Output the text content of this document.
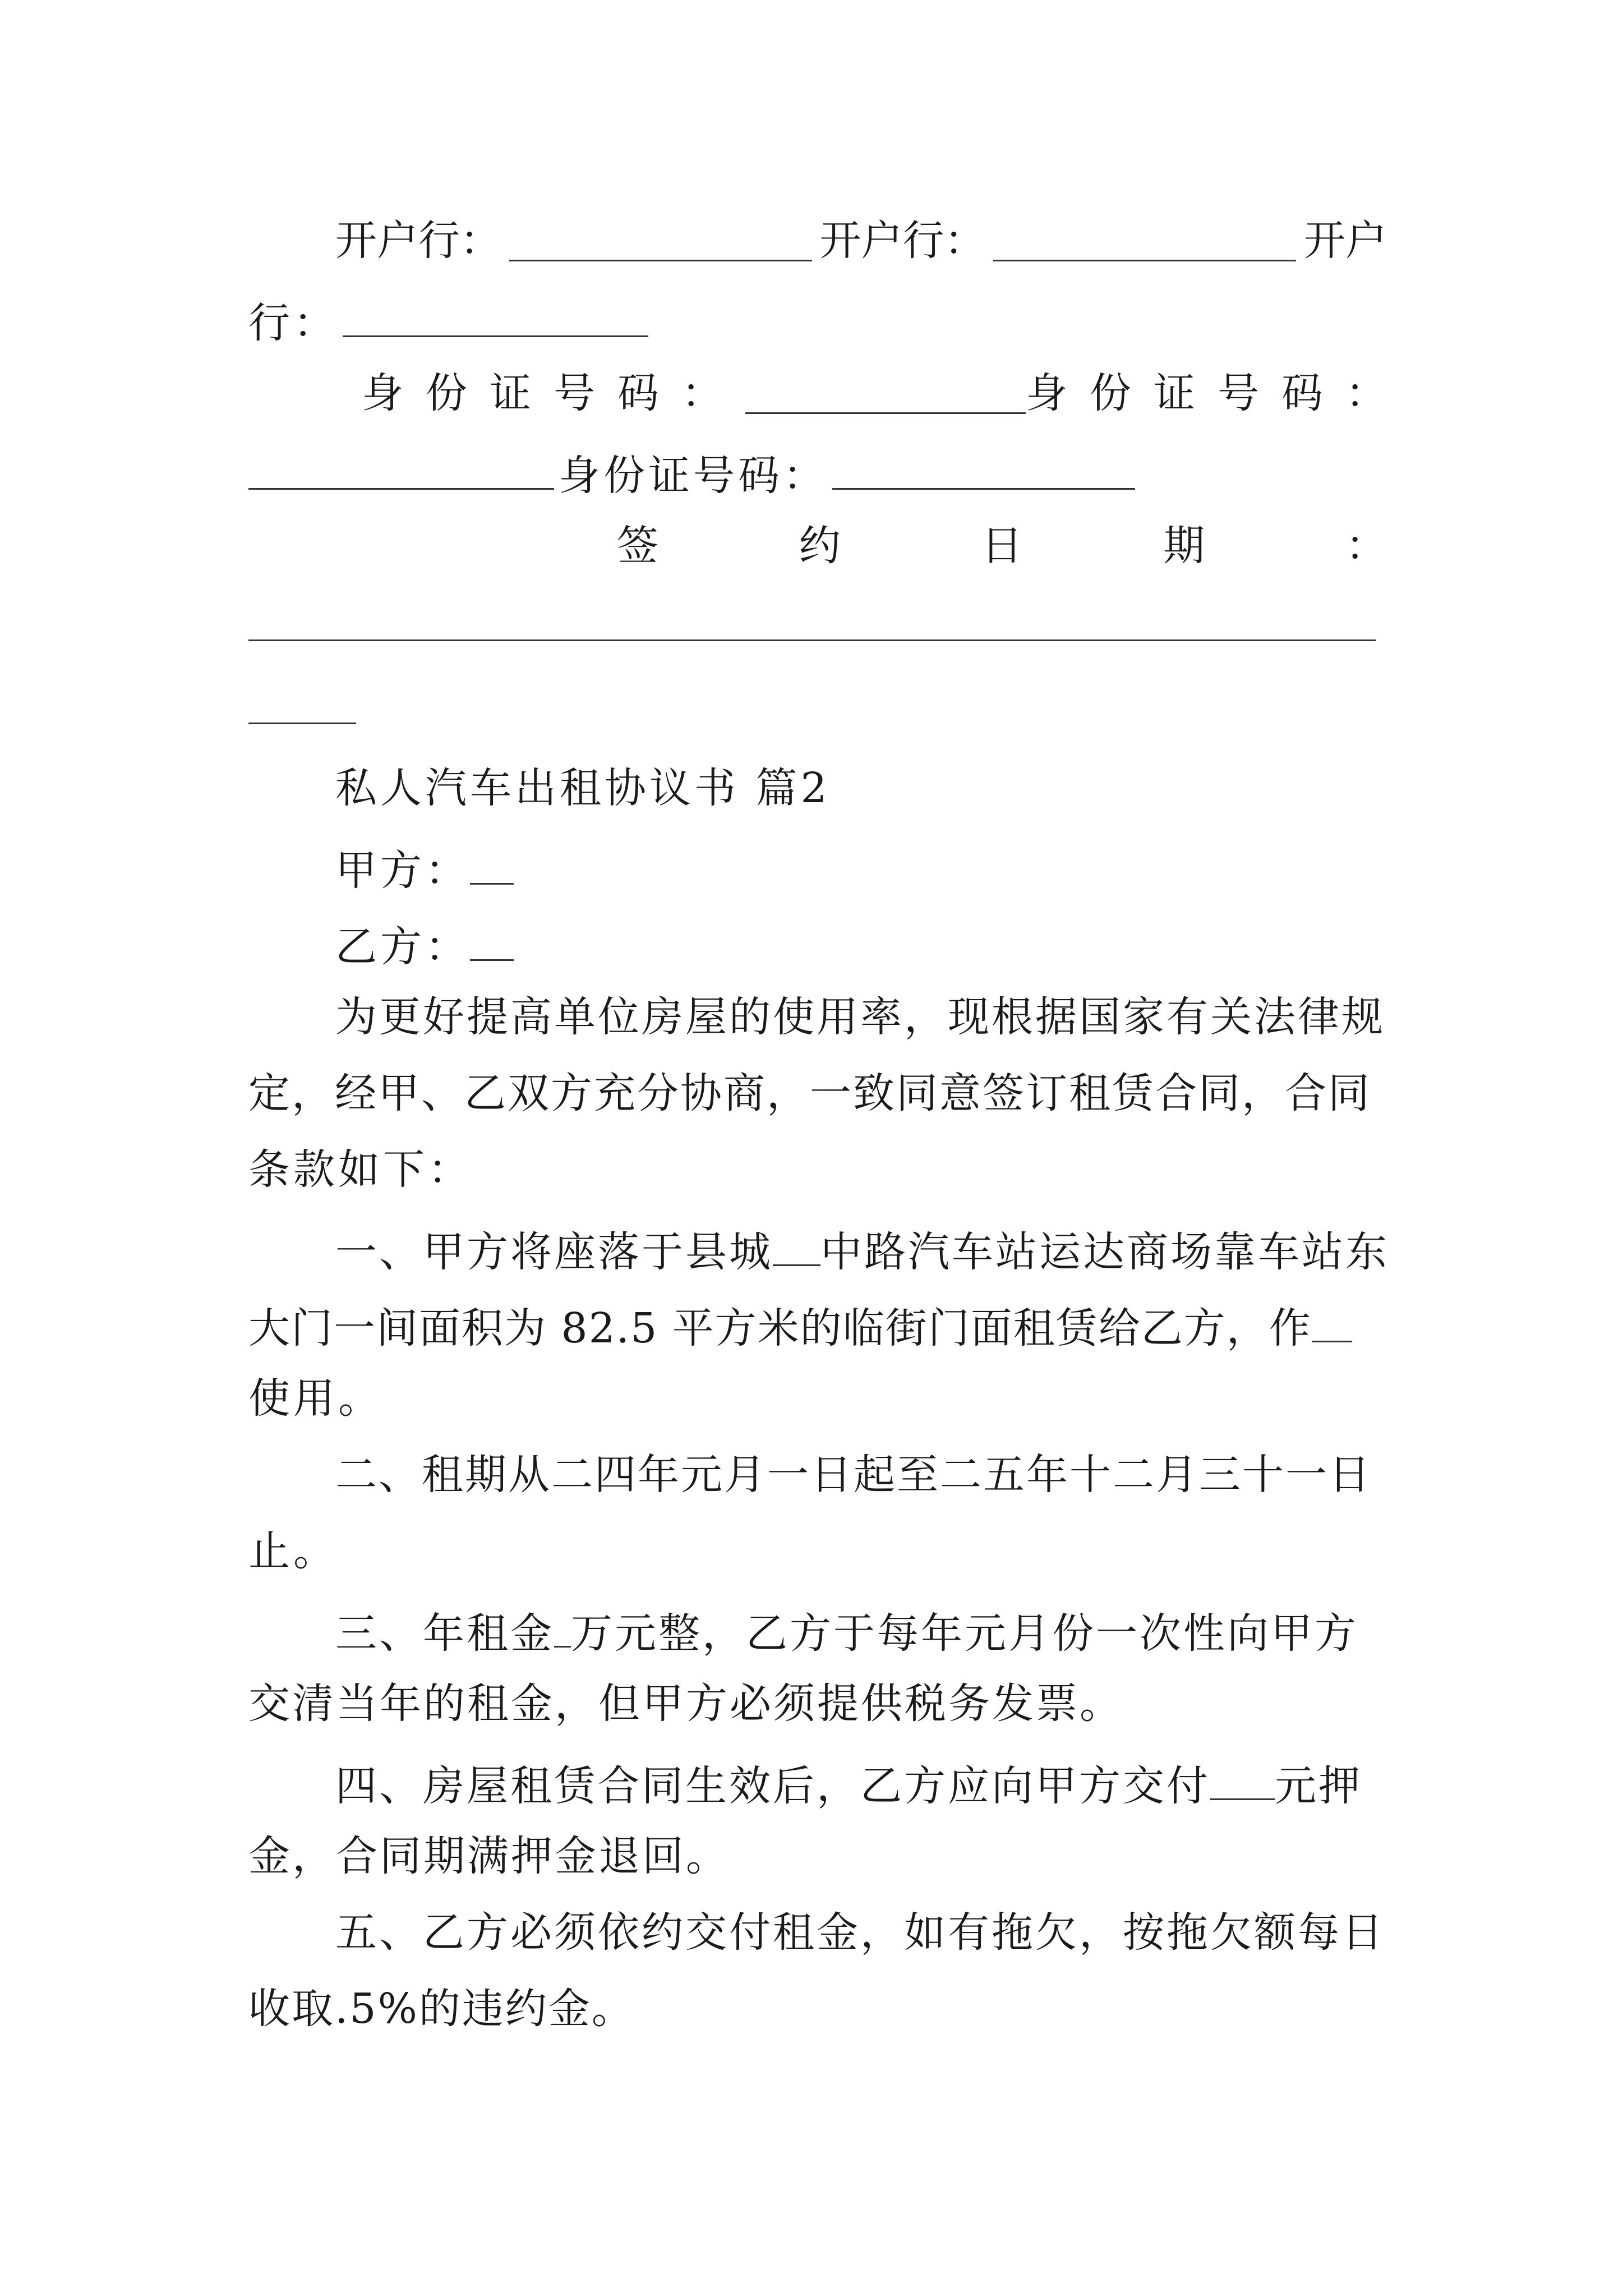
开户行：	开户行：	开户
行：
身份证号码：	身份证号码：
身份证号码：
签	约	日	期	：
私人汽车出租协议书 篇2
甲方：
乙方：
为更好提高单位房屋的使用率，现根据国家有关法律规
定，经甲、乙双方充分协商，一致同意签订租赁合同，合同
条款如下：
一、甲方将座落于县城 中路汽车站运达商场靠车站东
大门一间面积为 82.5 平方米的临街门面租赁给乙方，作
使用。
二、租期从二四年元月一日起至二五年十二月三十一日
止。
三、年租金 万元整，乙方于每年元月份一次性向甲方
交清当年的租金，但甲方必须提供税务发票。
四、房屋租赁合同生效后，乙方应向甲方交付 元押
金，合同期满押金退回。
五、乙方必须依约交付租金，如有拖欠，按拖欠额每日
收取.5%的违约金。
